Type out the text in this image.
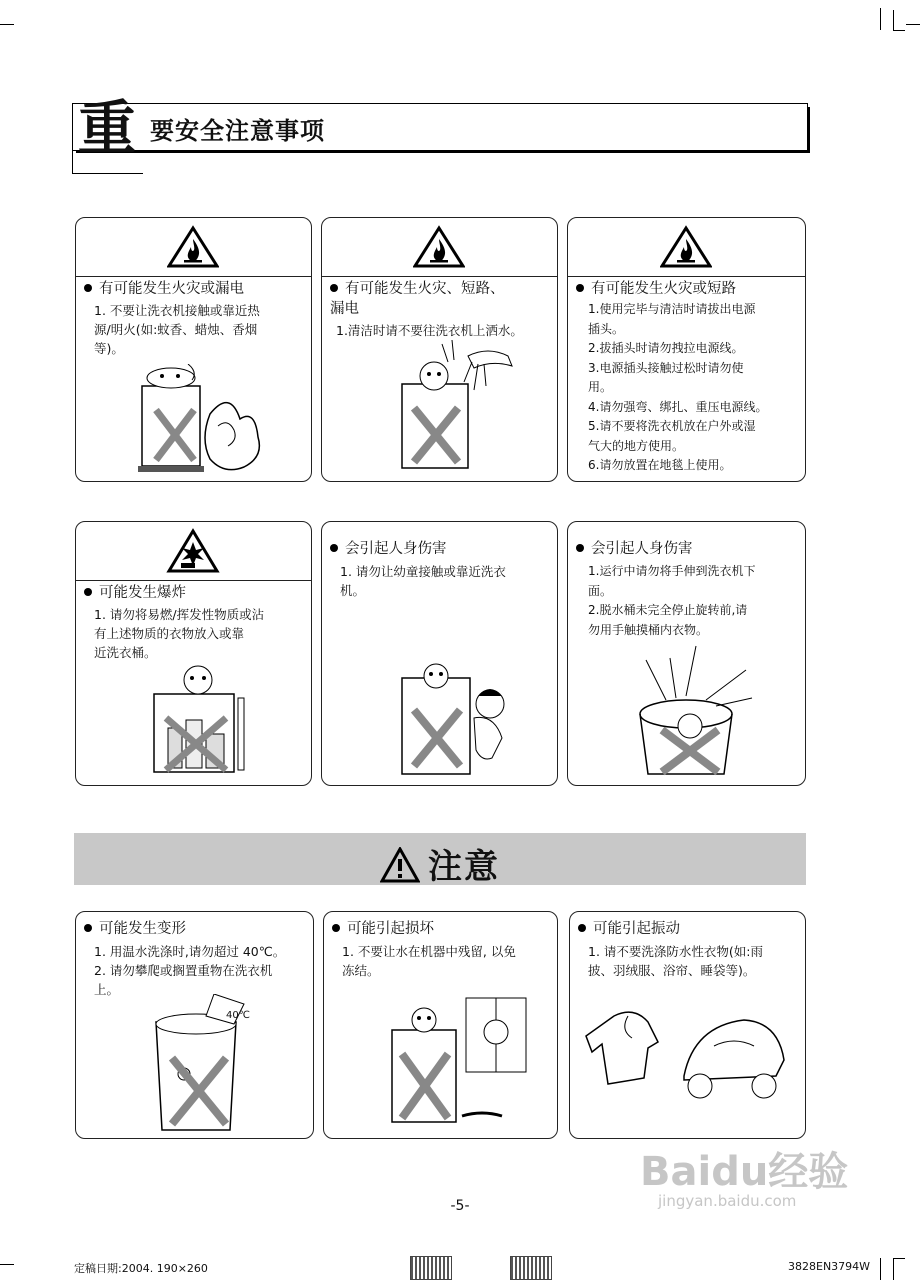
重 要安全注意事项
有可能发生火灾或漏电
1. 不要让洗衣机接触或靠近热
源/明火(如:蚊香、蜡烛、香烟
等)。
有可能发生火灾、短路、
漏电
1.清洁时请不要往洗衣机上洒水。
有可能发生火灾或短路
1.使用完毕与清洁时请拔出电源
插头。
2.拔插头时请勿拽拉电源线。
3.电源插头接触过松时请勿使
用。
4.请勿强弯、绑扎、重压电源线。
5.请不要将洗衣机放在户外或湿
气大的地方使用。
6.请勿放置在地毯上使用。
可能发生爆炸
1. 请勿将易燃/挥发性物质或沾
有上述物质的衣物放入或靠
近洗衣桶。
会引起人身伤害
1. 请勿让幼童接触或靠近洗衣
机。
会引起人身伤害
1.运行中请勿将手伸到洗衣机下
面。
2.脱水桶未完全停止旋转前,请
勿用手触摸桶内衣物。
注意
可能发生变形
1. 用温水洗涤时,请勿超过 40℃。
2. 请勿攀爬或搁置重物在洗衣机
上。
40℃
可能引起损坏
1. 不要让水在机器中残留, 以免
冻结。
可能引起振动
1. 请不要洗涤防水性衣物(如:雨
披、羽绒服、浴帘、睡袋等)。
-5-
Baidu经验
jingyan.baidu.com
定稿日期:2004. 190×260	3828EN3794W
